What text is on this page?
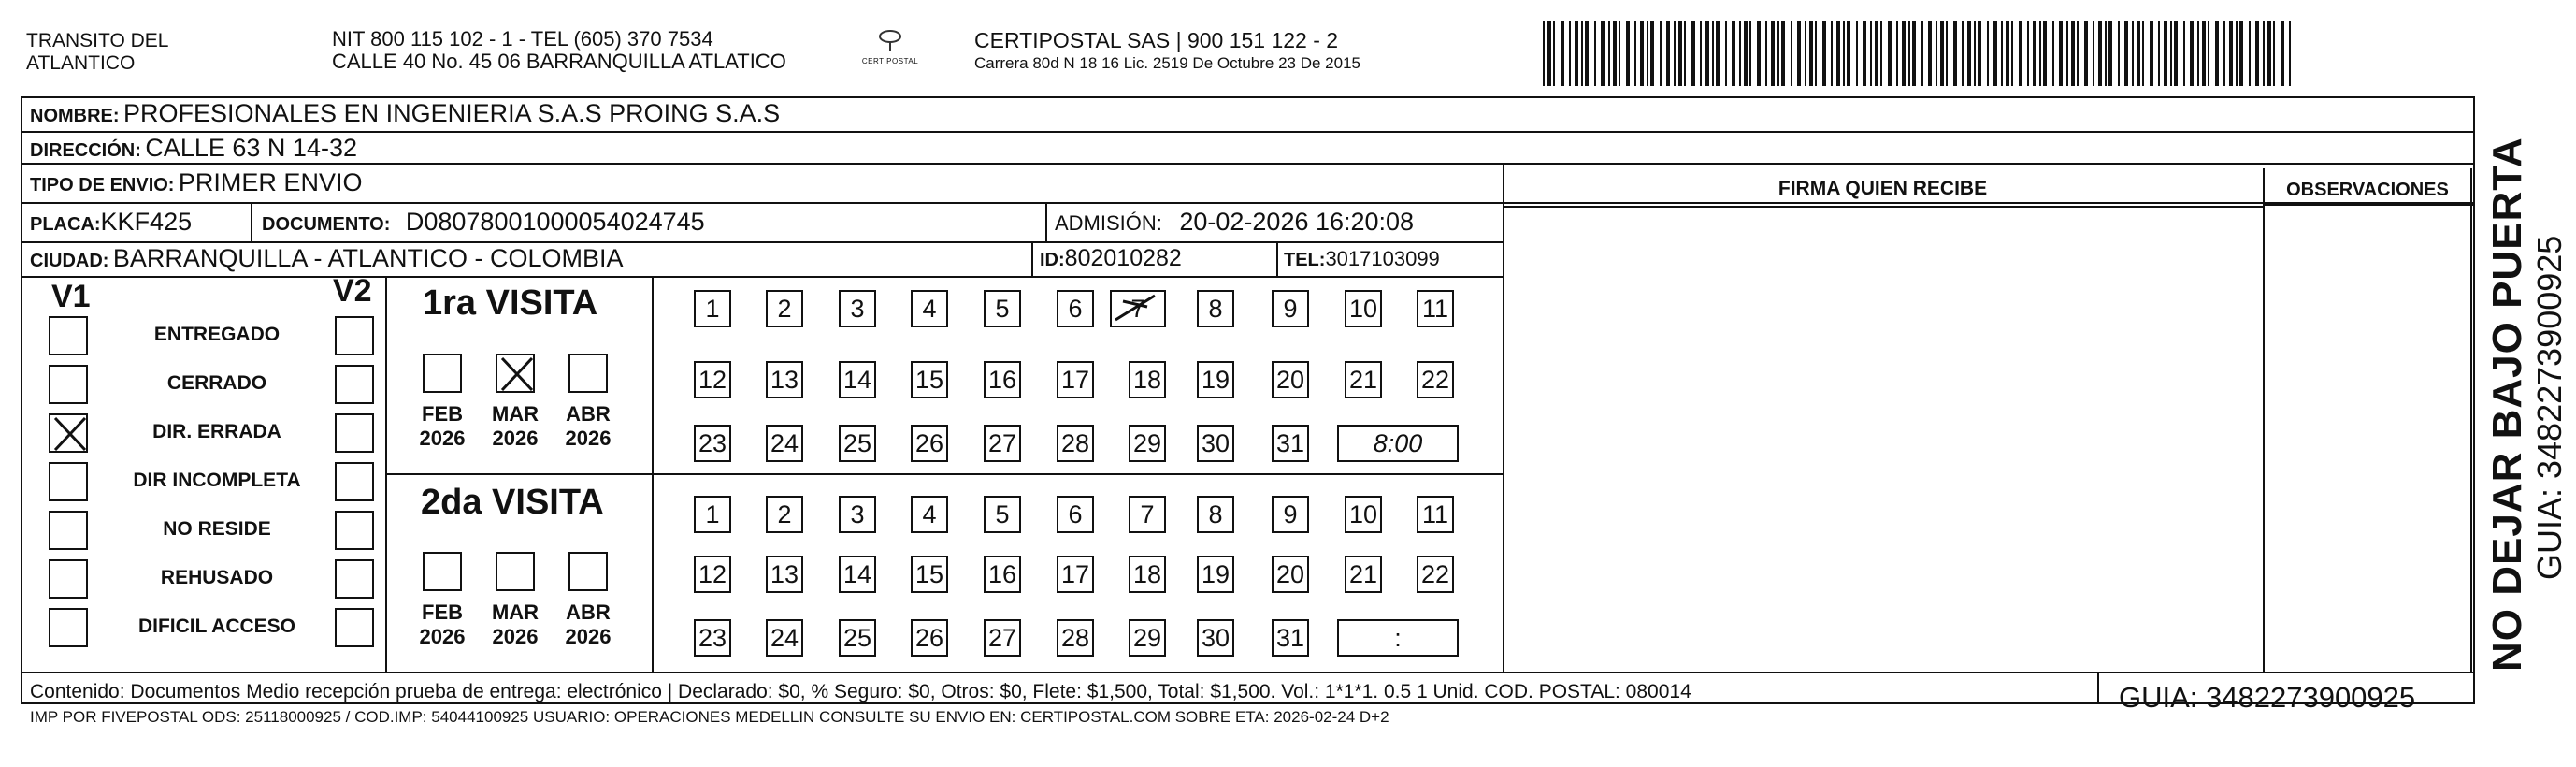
TRANSITO DEL
ATLANTICO
NIT 800 115 102 - 1 - TEL (605) 370 7534
CALLE 40 No. 45 06 BARRANQUILLA ATLATICO	CERTIPOSTAL
CERTIPOSTAL SAS | 900 151 122 - 2
Carrera 80d N 18 16 Lic. 2519 De Octubre 23 De 2015
NOMBRE: PROFESIONALES EN INGENIERIA S.A.S PROING S.A.S
DIRECCIÓN: CALLE 63 N 14-32
TIPO DE ENVIO: PRIMER ENVIO	FIRMA QUIEN RECIBE	OBSERVACIONES
PLACA:KKF425	DOCUMENTO: D08078001000054024745	ADMISIÓN: 20-02-2026 16:20:08
CIUDAD: BARRANQUILLA - ATLANTICO - COLOMBIA	ID:802010282	TEL:3017103099
V1	V2
ENTREGADO
CERRADO
DIR. ERRADA
DIR INCOMPLETA
NO RESIDE
REHUSADO
DIFICIL ACCESO
1ra VISITA
2da VISITA
FEB
2026
MAR
2026
ABR
2026
FEB
2026
MAR
2026
ABR
2026
1	2	3	4	5	6	7	8	9	10 11
12 13 14 15 16 17 18 19 20 21 22
23 24 25 26 27 28 29 30 31	8:00
1	2	3	4	5	6	7	8	9	10 11
12 13 14 15 16 17 18 19 20 21 22
23 24 25 26 27 28 29 30 31	:
Contenido: Documentos Medio recepción prueba de entrega: electrónico | Declarado: $0, % Seguro: $0, Otros: $0, Flete: $1,500, Total: $1,500. Vol.: 1*1*1. 0.5 1 Unid. COD. POSTAL: 080014
IMP POR FIVEPOSTAL ODS: 25118000925 / COD.IMP: 54044100925 USUARIO: OPERACIONES MEDELLIN CONSULTE SU ENVIO EN: CERTIPOSTAL.COM SOBRE ETA: 2026-02-24 D+2
GUIA: 3482273900925
NO DEJAR BAJO PUERTA GUIA: 3482273900925
